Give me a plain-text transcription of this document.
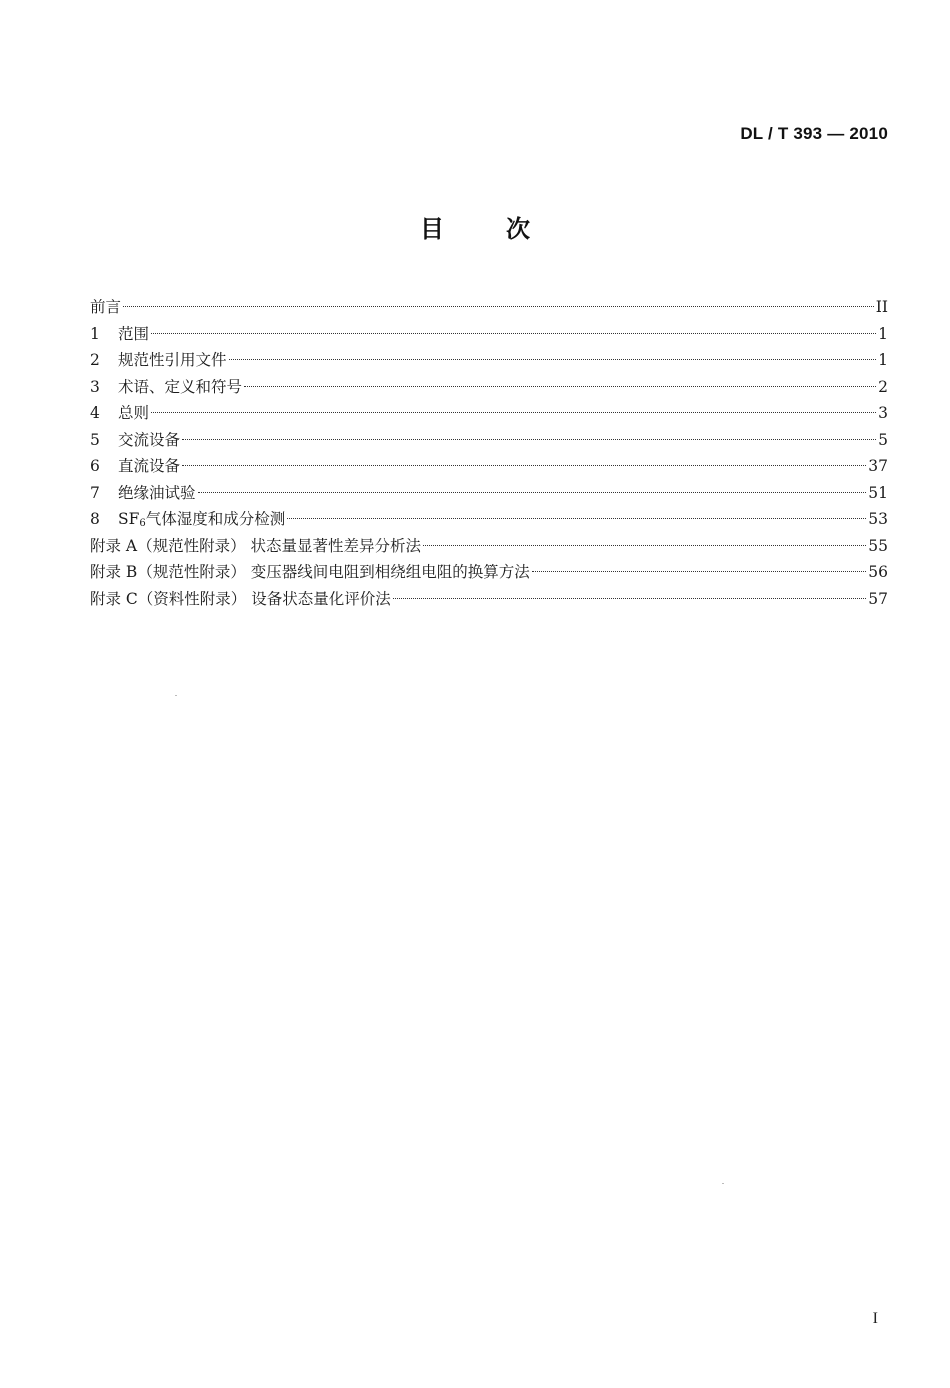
DL / T 393 — 2010
目	次
前言	II
1	范围	1
2	规范性引用文件	1
3	术语、定义和符号	2
4	总则	3
5	交流设备	5
6	直流设备	37
7	绝缘油试验	51
8	$SF_6$气体湿度和成分检测	53
附录 A（规范性附录） 状态量显著性差异分析法	55
附录 B（规范性附录） 变压器线间电阻到相绕组电阻的换算方法	56
附录 C（资料性附录） 设备状态量化评价法	57
I
